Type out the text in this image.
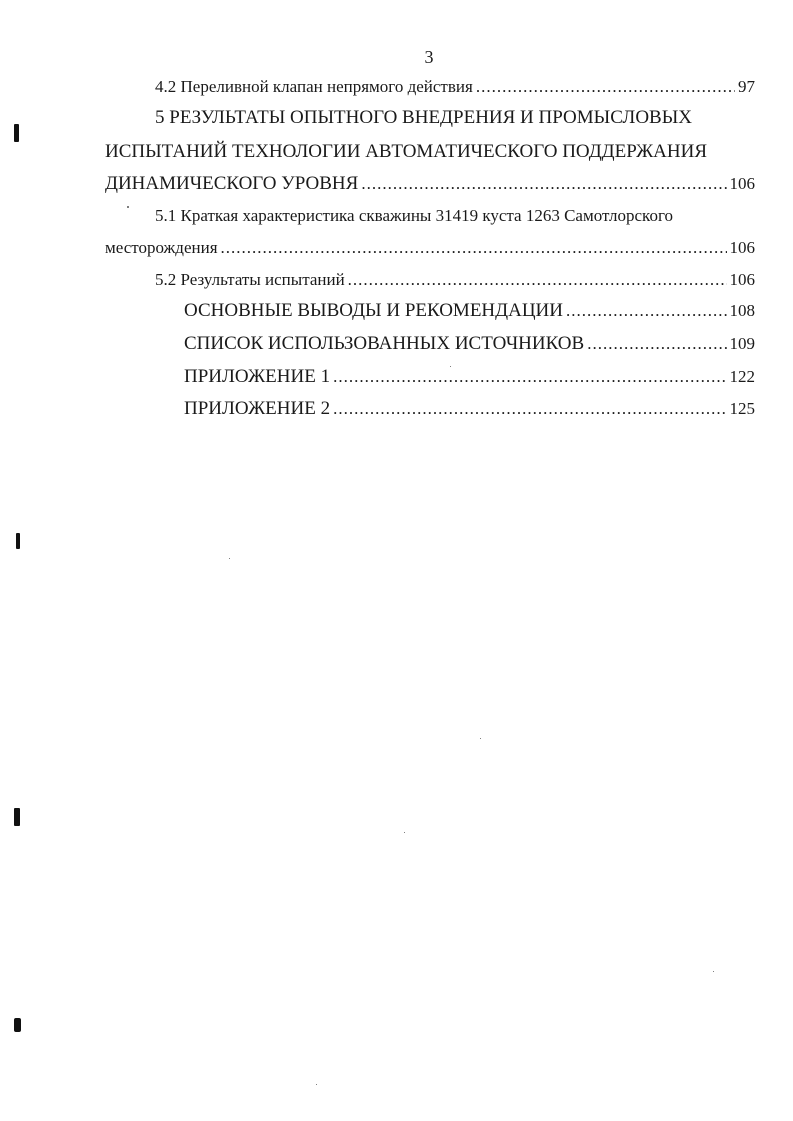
3
4.2 Переливной клапан непрямого действия .....	97
5 РЕЗУЛЬТАТЫ ОПЫТНОГО ВНЕДРЕНИЯ И ПРОМЫСЛОВЫХ
ИСПЫТАНИЙ ТЕХНОЛОГИИ АВТОМАТИЧЕСКОГО ПОДДЕРЖАНИЯ
ДИНАМИЧЕСКОГО УРОВНЯ .....	106
5.1 Краткая характеристика скважины 31419 куста 1263 Самотлорского
месторождения .....	106
5.2 Результаты испытаний .....	106
ОСНОВНЫЕ ВЫВОДЫ И РЕКОМЕНДАЦИИ .....	108
СПИСОК ИСПОЛЬЗОВАННЫХ ИСТОЧНИКОВ .....	109
ПРИЛОЖЕНИЕ 1 .....	122
ПРИЛОЖЕНИЕ 2 .....	125
